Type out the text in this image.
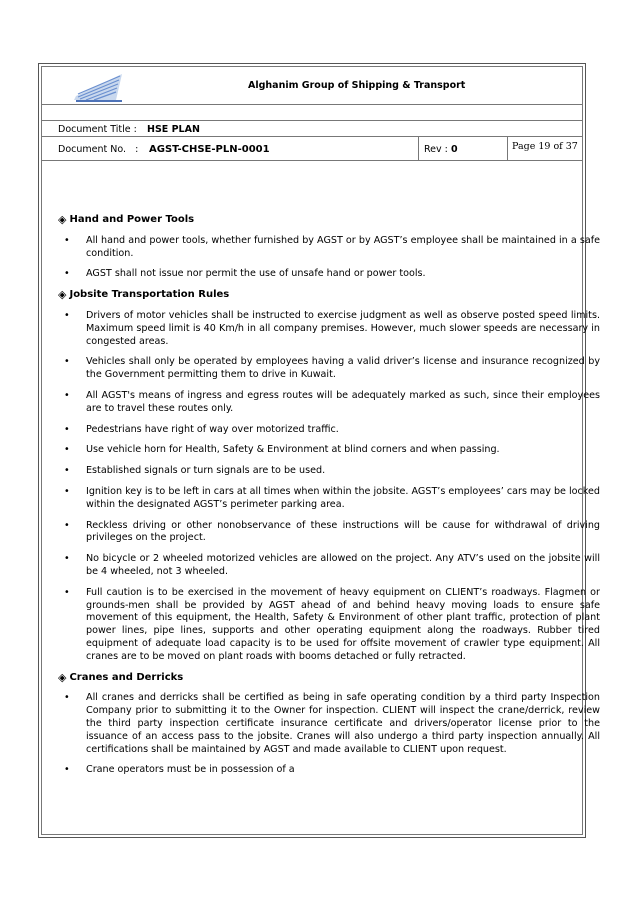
Alghanim Group of Shipping & Transport
Document Title : HSE PLAN
Document No.   : AGST-CHSE-PLN-0001	Rev : 0	Page 19 of 37
◈ Hand and Power Tools
• All hand and power tools, whether furnished by AGST or by AGST’s employee shall be maintained in a safe condition.
• AGST shall not issue nor permit the use of unsafe hand or power tools.
◈ Jobsite Transportation Rules
• Drivers of motor vehicles shall be instructed to exercise judgment as well as observe posted speed limits. Maximum speed limit is 40 Km/h in all company premises. However, much slower speeds are necessary in congested areas.
• Vehicles shall only be operated by employees having a valid driver’s license and insurance recognized by the Government permitting them to drive in Kuwait.
• All AGST's means of ingress and egress routes will be adequately marked as such, since their employees are to travel these routes only.
• Pedestrians have right of way over motorized traffic.
• Use vehicle horn for Health, Safety & Environment at blind corners and when passing.
• Established signals or turn signals are to be used.
• Ignition key is to be left in cars at all times when within the jobsite. AGST’s employees’ cars may be locked within the designated AGST’s perimeter parking area.
• Reckless driving or other nonobservance of these instructions will be cause for withdrawal of driving privileges on the project.
• No bicycle or 2 wheeled motorized vehicles are allowed on the project. Any ATV’s used on the jobsite will be 4 wheeled, not 3 wheeled.
• Full caution is to be exercised in the movement of heavy equipment on CLIENT’s roadways. Flagmen or grounds-men shall be provided by AGST ahead of and behind heavy moving loads to ensure safe movement of this equipment, the Health, Safety & Environment of other plant traffic, protection of plant power lines, pipe lines, supports and other operating equipment along the roadways. Rubber tired equipment of adequate load capacity is to be used for offsite movement of crawler type equipment. All cranes are to be moved on plant roads with booms detached or fully retracted.
◈ Cranes and Derricks
• All cranes and derricks shall be certified as being in safe operating condition by a third party Inspection Company prior to submitting it to the Owner for inspection. CLIENT will inspect the crane/derrick, review the third party inspection certificate insurance certificate and drivers/operator license prior to the issuance of an access pass to the jobsite. Cranes will also undergo a third party inspection annually. All certifications shall be maintained by AGST and made available to CLIENT upon request.
• Crane operators must be in possession of a
